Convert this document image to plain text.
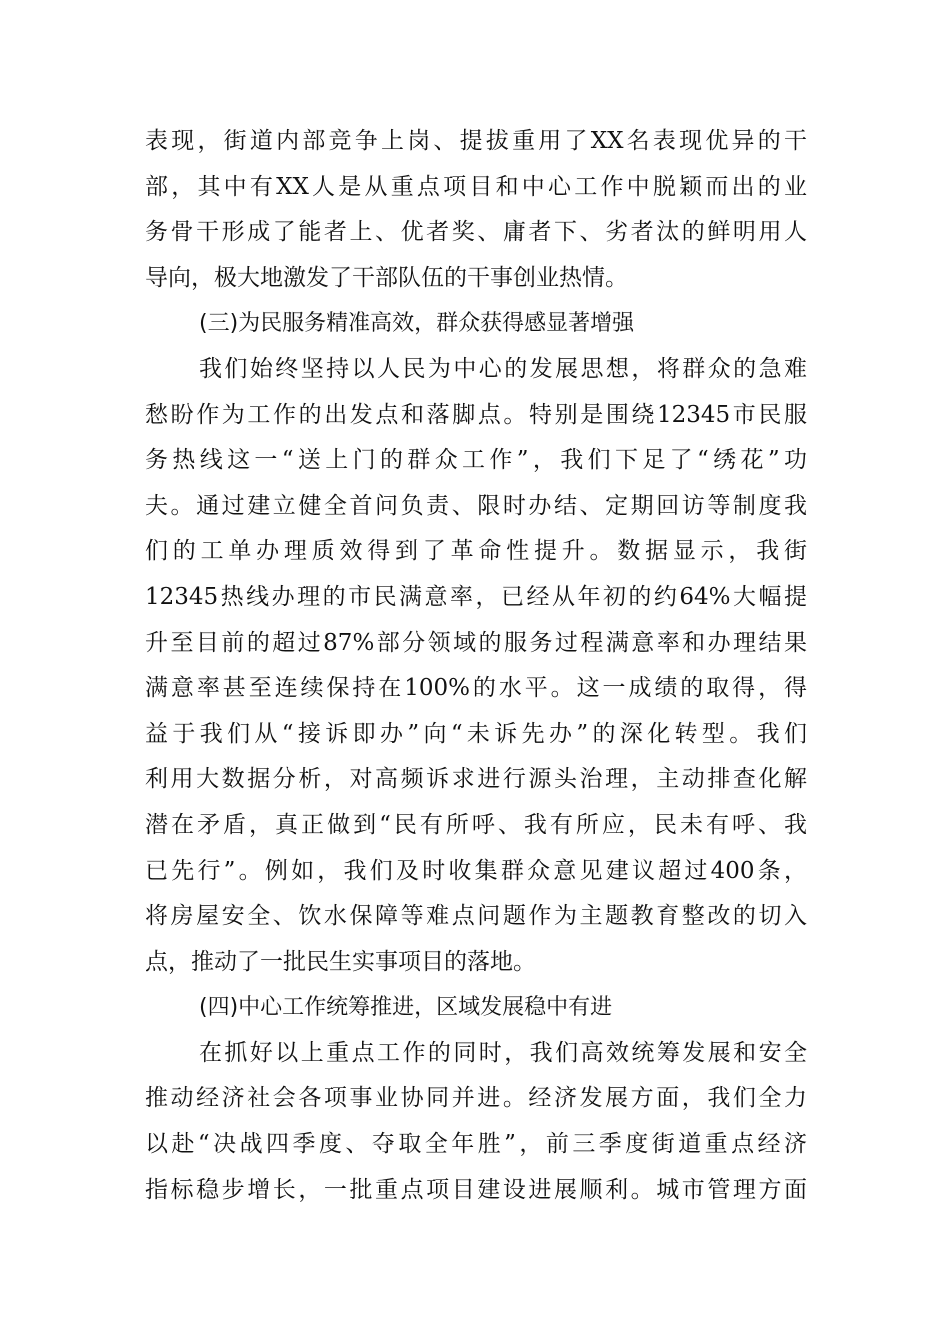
表现，街道内部竞争上岗、提拔重用了XX名表现优异的干
部，其中有XX人是从重点项目和中心工作中脱颖而出的业
务骨干形成了能者上、优者奖、庸者下、劣者汰的鲜明用人
导向，极大地激发了干部队伍的干事创业热情。
(三)为民服务精准高效，群众获得感显著增强
我们始终坚持以人民为中心的发展思想，将群众的急难
愁盼作为工作的出发点和落脚点。特别是围绕12345市民服
务热线这一“送上门的群众工作”，我们下足了“绣花”功
夫。通过建立健全首问负责、限时办结、定期回访等制度我
们的工单办理质效得到了革命性提升。数据显示，我街
12345热线办理的市民满意率，已经从年初的约64%大幅提
升至目前的超过87%部分领域的服务过程满意率和办理结果
满意率甚至连续保持在100%的水平。这一成绩的取得，得
益于我们从“接诉即办”向“未诉先办”的深化转型。我们
利用大数据分析，对高频诉求进行源头治理，主动排查化解
潜在矛盾，真正做到“民有所呼、我有所应，民未有呼、我
已先行”。例如，我们及时收集群众意见建议超过400条，
将房屋安全、饮水保障等难点问题作为主题教育整改的切入
点，推动了一批民生实事项目的落地。
(四)中心工作统筹推进，区域发展稳中有进
在抓好以上重点工作的同时，我们高效统筹发展和安全
推动经济社会各项事业协同并进。经济发展方面，我们全力
以赴“决战四季度、夺取全年胜”，前三季度街道重点经济
指标稳步增长，一批重点项目建设进展顺利。城市管理方面
